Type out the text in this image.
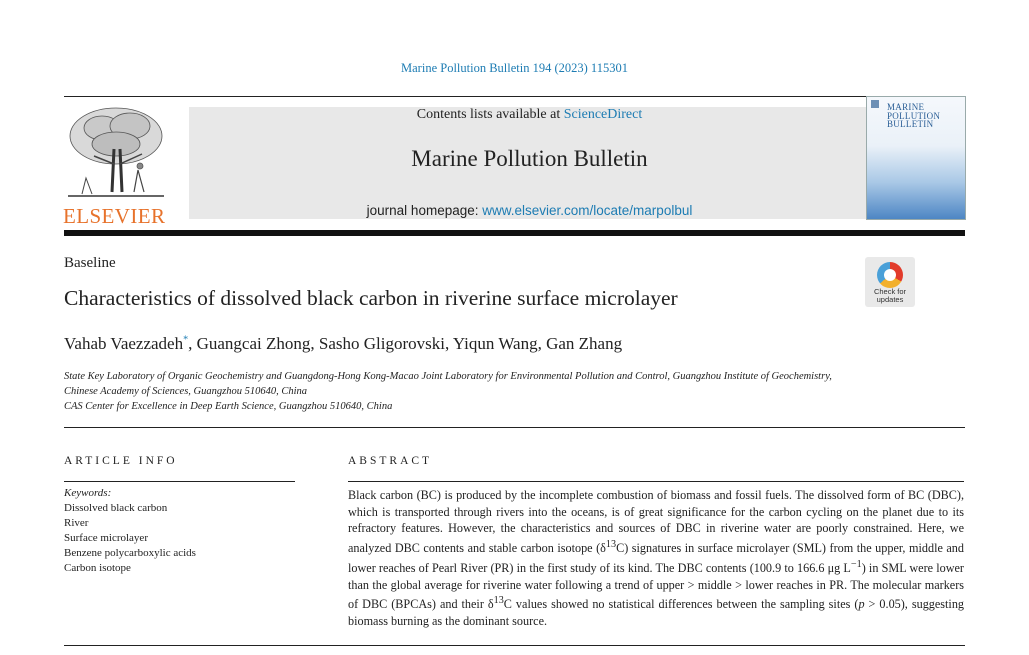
Marine Pollution Bulletin 194 (2023) 115301
ELSEVIER
Contents lists available at ScienceDirect
Marine Pollution Bulletin
journal homepage: www.elsevier.com/locate/marpolbul
MARINE POLLUTION BULLETIN
Baseline
Characteristics of dissolved black carbon in riverine surface microlayer	Check for updates
Vahab Vaezzadeh*, Guangcai Zhong, Sasho Gligorovski, Yiqun Wang, Gan Zhang
State Key Laboratory of Organic Geochemistry and Guangdong-Hong Kong-Macao Joint Laboratory for Environmental Pollution and Control, Guangzhou Institute of Geochemistry, Chinese Academy of Sciences, Guangzhou 510640, China
CAS Center for Excellence in Deep Earth Science, Guangzhou 510640, China
ARTICLE INFO	ABSTRACT
Keywords:
Dissolved black carbon
River
Surface microlayer
Benzene polycarboxylic acids
Carbon isotope
Black carbon (BC) is produced by the incomplete combustion of biomass and fossil fuels. The dissolved form of BC (DBC), which is transported through rivers into the oceans, is of great significance for the carbon cycling on the planet due to its refractory features. However, the characteristics and sources of DBC in riverine water are poorly constrained. Here, we analyzed DBC contents and stable carbon isotope $(\delta^{13}C)$ signatures in surface microlayer (SML) from the upper, middle and lower reaches of Pearl River (PR) in the first study of its kind. The DBC contents (100.9 to 166.6 μg $L^{-1}$) in SML were lower than the global average for riverine water following a trend of upper > middle > lower reaches in PR. The molecular markers of DBC (BPCAs) and their $\delta^{13}C$ values showed no statistical differences between the sampling sites (p > 0.05), suggesting biomass burning as the dominant source.
